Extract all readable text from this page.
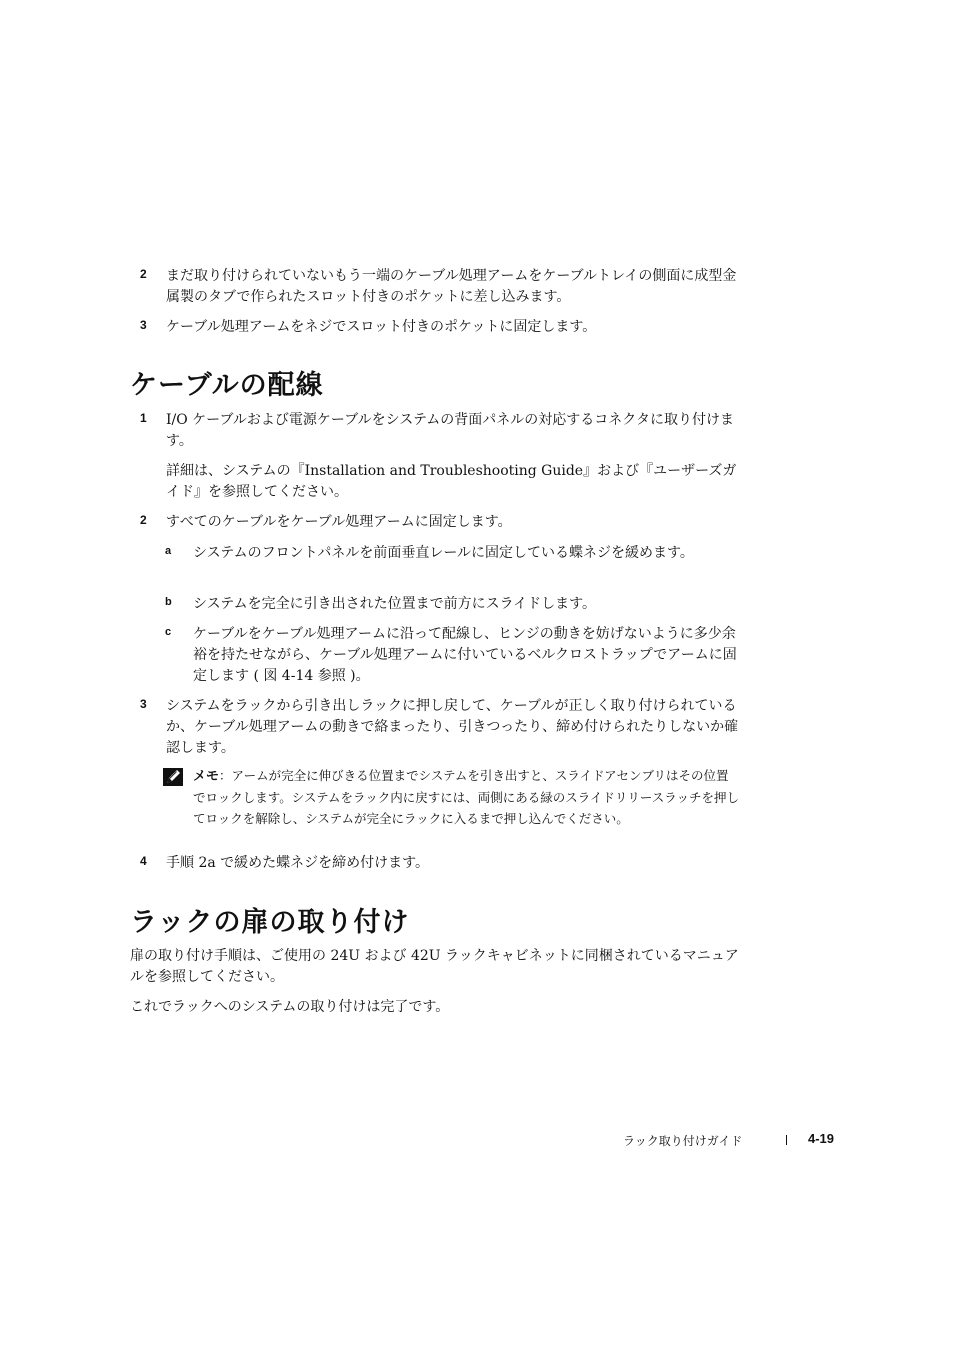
2	まだ取り付けられていないもう一端のケーブル処理アームをケーブルトレイの側面に成型金属製のタブで作られたスロット付きのポケットに差し込みます。
3	ケーブル処理アームをネジでスロット付きのポケットに固定します。
ケーブルの配線
1	I/O ケーブルおよび電源ケーブルをシステムの背面パネルの対応するコネクタに取り付けます。
詳細は、システムの『Installation and Troubleshooting Guide』および『ユーザーズガイド』を参照してください。
2	すべてのケーブルをケーブル処理アームに固定します。
a	システムのフロントパネルを前面垂直レールに固定している蝶ネジを緩めます。
b	システムを完全に引き出された位置まで前方にスライドします。
c	ケーブルをケーブル処理アームに沿って配線し、ヒンジの動きを妨げないように多少余裕を持たせながら、ケーブル処理アームに付いているベルクロストラップでアームに固定します ( 図 4-14 参照 )。
3	システムをラックから引き出しラックに押し戻して、ケーブルが正しく取り付けられているか、ケーブル処理アームの動きで絡まったり、引きつったり、締め付けられたりしないか確認します。
メモ：アームが完全に伸びきる位置までシステムを引き出すと、スライドアセンブリはその位置でロックします。システムをラック内に戻すには、両側にある緑のスライドリリースラッチを押してロックを解除し、システムが完全にラックに入るまで押し込んでください。
4	手順 2a で緩めた蝶ネジを締め付けます。
ラックの扉の取り付け
扉の取り付け手順は、ご使用の 24U および 42U ラックキャビネットに同梱されているマニュアルを参照してください。
これでラックへのシステムの取り付けは完了です。
ラック取り付けガイド	4-19
